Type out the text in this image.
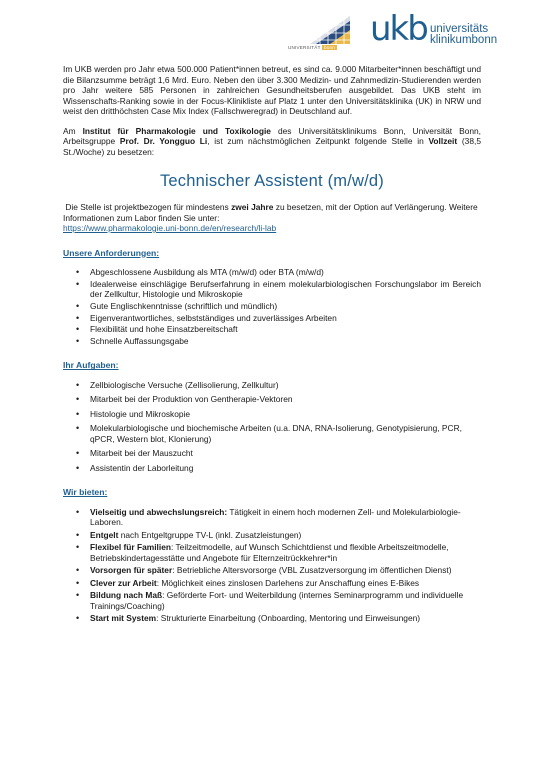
UNIVERSITÄT bonn ukb universitäts
klinikumbonn

Im UKB werden pro Jahr etwa 500.000 Patient*innen betreut, es sind ca. 9.000 Mitarbeiter*innen beschäftigt und die Bilanzsumme beträgt 1,6 Mrd. Euro. Neben den über 3.300 Medizin- und Zahnmedizin-Studierenden werden pro Jahr weitere 585 Personen in zahlreichen Gesundheitsberufen ausgebildet. Das UKB steht im Wissenschafts-Ranking sowie in der Focus-Klinikliste auf Platz 1 unter den Universitätsklinika (UK) in NRW und weist den dritthöchsten Case Mix Index (Fallschweregrad) in Deutschland auf.

Am Institut für Pharmakologie und Toxikologie des Universitätsklinikums Bonn, Universität Bonn, Arbeitsgruppe Prof. Dr. Yongguo Li, ist zum nächstmöglichen Zeitpunkt folgende Stelle in Vollzeit (38,5 St./Woche) zu besetzen:

Technischer Assistent (m/w/d)

Die Stelle ist projektbezogen für mindestens zwei Jahre zu besetzen, mit der Option auf Verlängerung. Weitere Informationen zum Labor finden Sie unter:
https://www.pharmakologie.uni-bonn.de/en/research/li-lab

Unsere Anforderungen:
• Abgeschlossene Ausbildung als MTA (m/w/d) oder BTA (m/w/d)
• Idealerweise einschlägige Berufserfahrung in einem molekularbiologischen Forschungslabor im Bereich der Zellkultur, Histologie und Mikroskopie
• Gute Englischkenntnisse (schriftlich und mündlich)
• Eigenverantwortliches, selbstständiges und zuverlässiges Arbeiten
• Flexibilität und hohe Einsatzbereitschaft
• Schnelle Auffassungsgabe
Ihr Aufgaben:
• Zellbiologische Versuche (Zellisolierung, Zellkultur)
• Mitarbeit bei der Produktion von Gentherapie-Vektoren
• Histologie und Mikroskopie
• Molekularbiologische und biochemische Arbeiten (u.a. DNA, RNA-Isolierung, Genotypisierung, PCR, qPCR, Western blot, Klonierung)
• Mitarbeit bei der Mauszucht
• Assistentin der Laborleitung
Wir bieten:
• Vielseitig und abwechslungsreich: Tätigkeit in einem hoch modernen Zell- und Molekularbiologie-Laboren.
• Entgelt nach Entgeltgruppe TV-L (inkl. Zusatzleistungen)
• Flexibel für Familien: Teilzeitmodelle, auf Wunsch Schichtdienst und flexible Arbeitszeitmodelle, Betriebskindertagesstätte und Angebote für Elternzeitrückkehrer*in
• Vorsorgen für später: Betriebliche Altersvorsorge (VBL Zusatzversorgung im öffentlichen Dienst)
• Clever zur Arbeit: Möglichkeit eines zinslosen Darlehens zur Anschaffung eines E-Bikes
• Bildung nach Maß: Geförderte Fort- und Weiterbildung (internes Seminarprogramm und individuelle Trainings/Coaching)
• Start mit System: Strukturierte Einarbeitung (Onboarding, Mentoring und Einweisungen)
